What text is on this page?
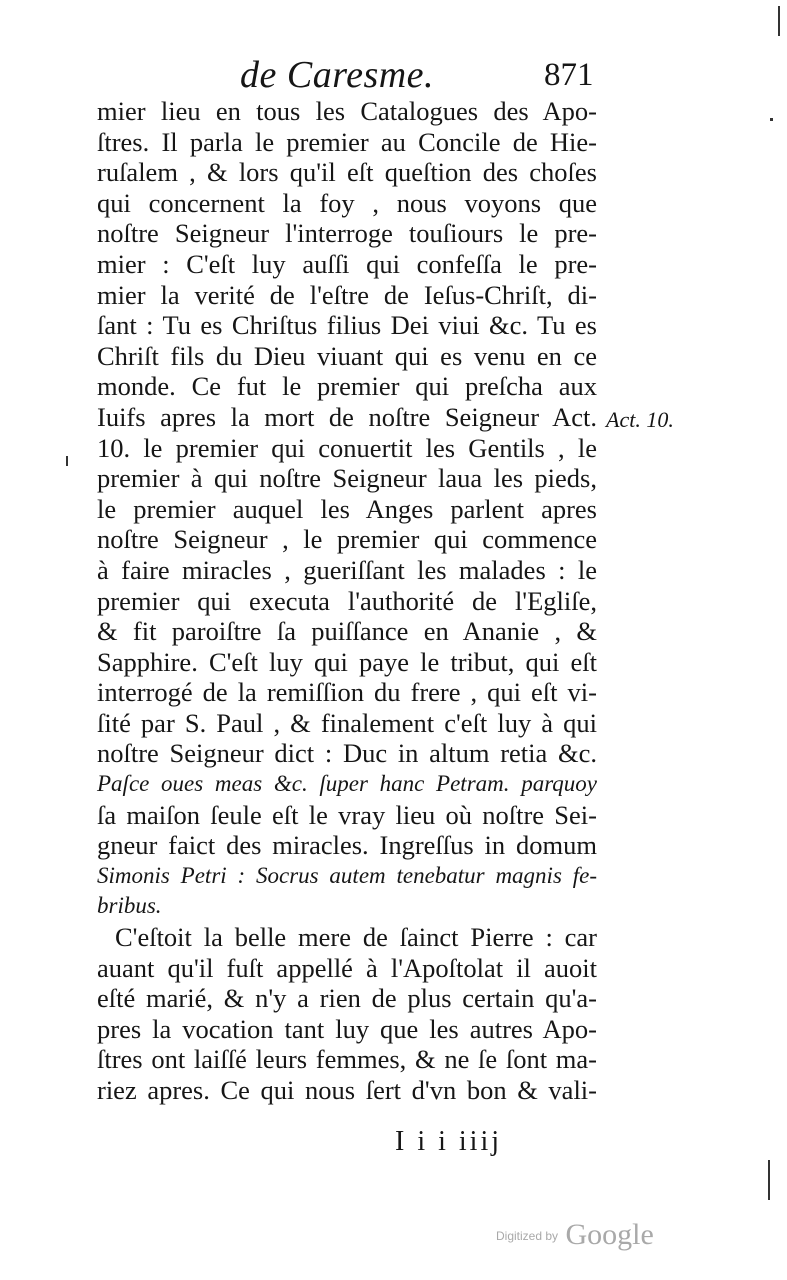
de Caresme.	871
mier lieu en tous les Catalogues des Apo-
ſtres. Il parla le premier au Concile de Hie-
ruſalem , & lors qu'il eſt queſtion des choſes
qui concernent la foy , nous voyons que
noſtre Seigneur l'interroge touſiours le pre-
mier : C'eſt luy auſſi qui confeſſa le pre-
mier la verité de l'eſtre de Ieſus-Chriſt, di-
ſant : Tu es Chriſtus filius Dei viui &c. Tu es
Chriſt fils du Dieu viuant qui es venu en ce
monde. Ce fut le premier qui preſcha aux
Iuifs apres la mort de noſtre Seigneur Act.
10. le premier qui conuertit les Gentils , le
premier à qui noſtre Seigneur laua les pieds,
le premier auquel les Anges parlent apres
noſtre Seigneur , le premier qui commence
à faire miracles , gueriſſant les malades : le
premier qui executa l'authorité de l'Egliſe,
& fit paroiſtre ſa puiſſance en Ananie , &
Sapphire. C'eſt luy qui paye le tribut, qui eſt
interrogé de la remiſſion du frere , qui eſt vi-
ſité par S. Paul , & finalement c'eſt luy à qui
noſtre Seigneur dict : Duc in altum retia &c.
Paſce oues meas &c. ſuper hanc Petram. parquoy
ſa maiſon ſeule eſt le vray lieu où noſtre Sei-
gneur faict des miracles. Ingreſſus in domum
Simonis Petri : Socrus autem tenebatur magnis fe-
bribus.
C'eſtoit la belle mere de ſainct Pierre : car
auant qu'il fuſt appellé à l'Apoſtolat il auoit
eſté marié, & n'y a rien de plus certain qu'a-
pres la vocation tant luy que les autres Apo-
ſtres ont laiſſé leurs femmes, & ne ſe ſont ma-
riez apres. Ce qui nous ſert d'vn bon & vali-
Act. 10.
I i i iiij
$^{Digitized by}$ Google
